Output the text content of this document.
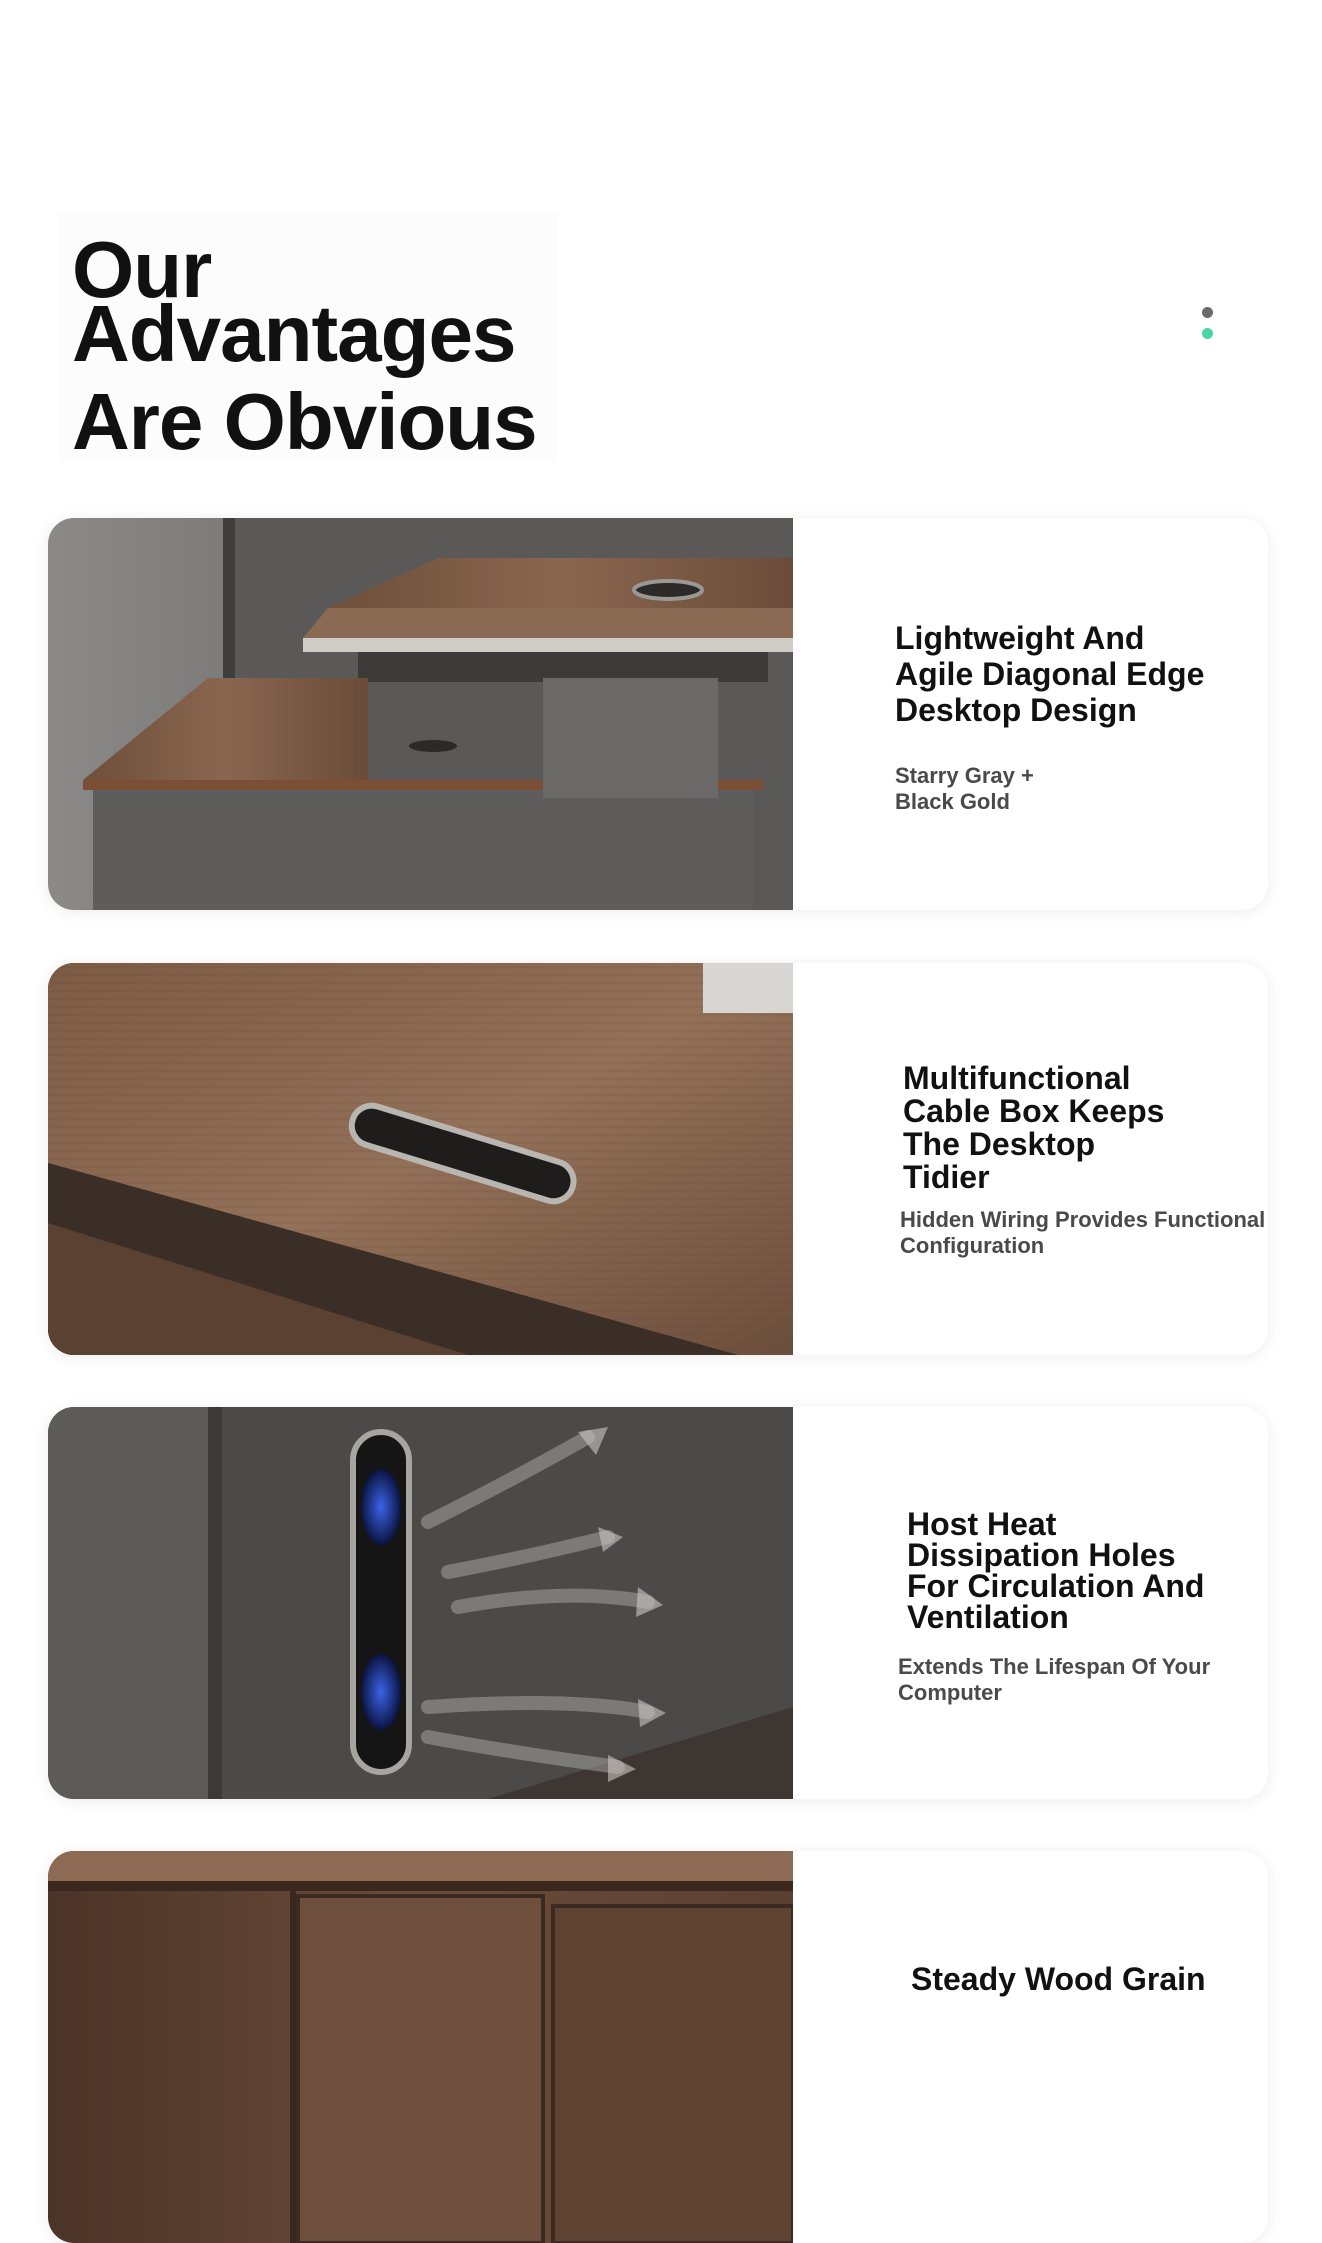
Our
Advantages
Are Obvious
Lightweight And
Agile Diagonal Edge
Desktop Design

Starry Gray +
Black Gold

Multifunctional
Cable Box Keeps
The Desktop
Tidier

Hidden Wiring Provides Functional
Configuration

Host Heat
Dissipation Holes
For Circulation And
Ventilation

Extends The Lifespan Of Your
Computer

Steady Wood Grain
